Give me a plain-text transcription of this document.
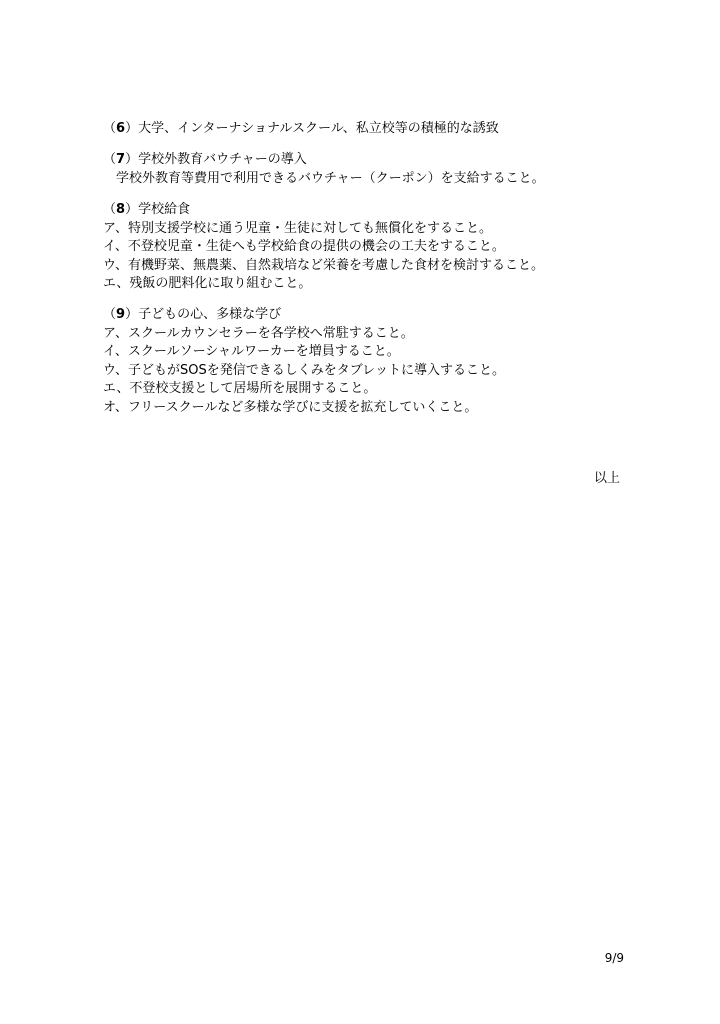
（6）大学、インターナショナルスクール、私立校等の積極的な誘致
（7）学校外教育バウチャーの導入
学校外教育等費用で利用できるバウチャー（クーポン）を支給すること。
（8）学校給食
ア、特別支援学校に通う児童・生徒に対しても無償化をすること。
イ、不登校児童・生徒へも学校給食の提供の機会の工夫をすること。
ウ、有機野菜、無農薬、自然栽培など栄養を考慮した食材を検討すること。
エ、残飯の肥料化に取り組むこと。
（9）子どもの心、多様な学び
ア、スクールカウンセラーを各学校へ常駐すること。
イ、スクールソーシャルワーカーを増員すること。
ウ、子どもがSOSを発信できるしくみをタブレットに導入すること。
エ、不登校支援として居場所を展開すること。
オ、フリースクールなど多様な学びに支援を拡充していくこと。
以上
9/9
